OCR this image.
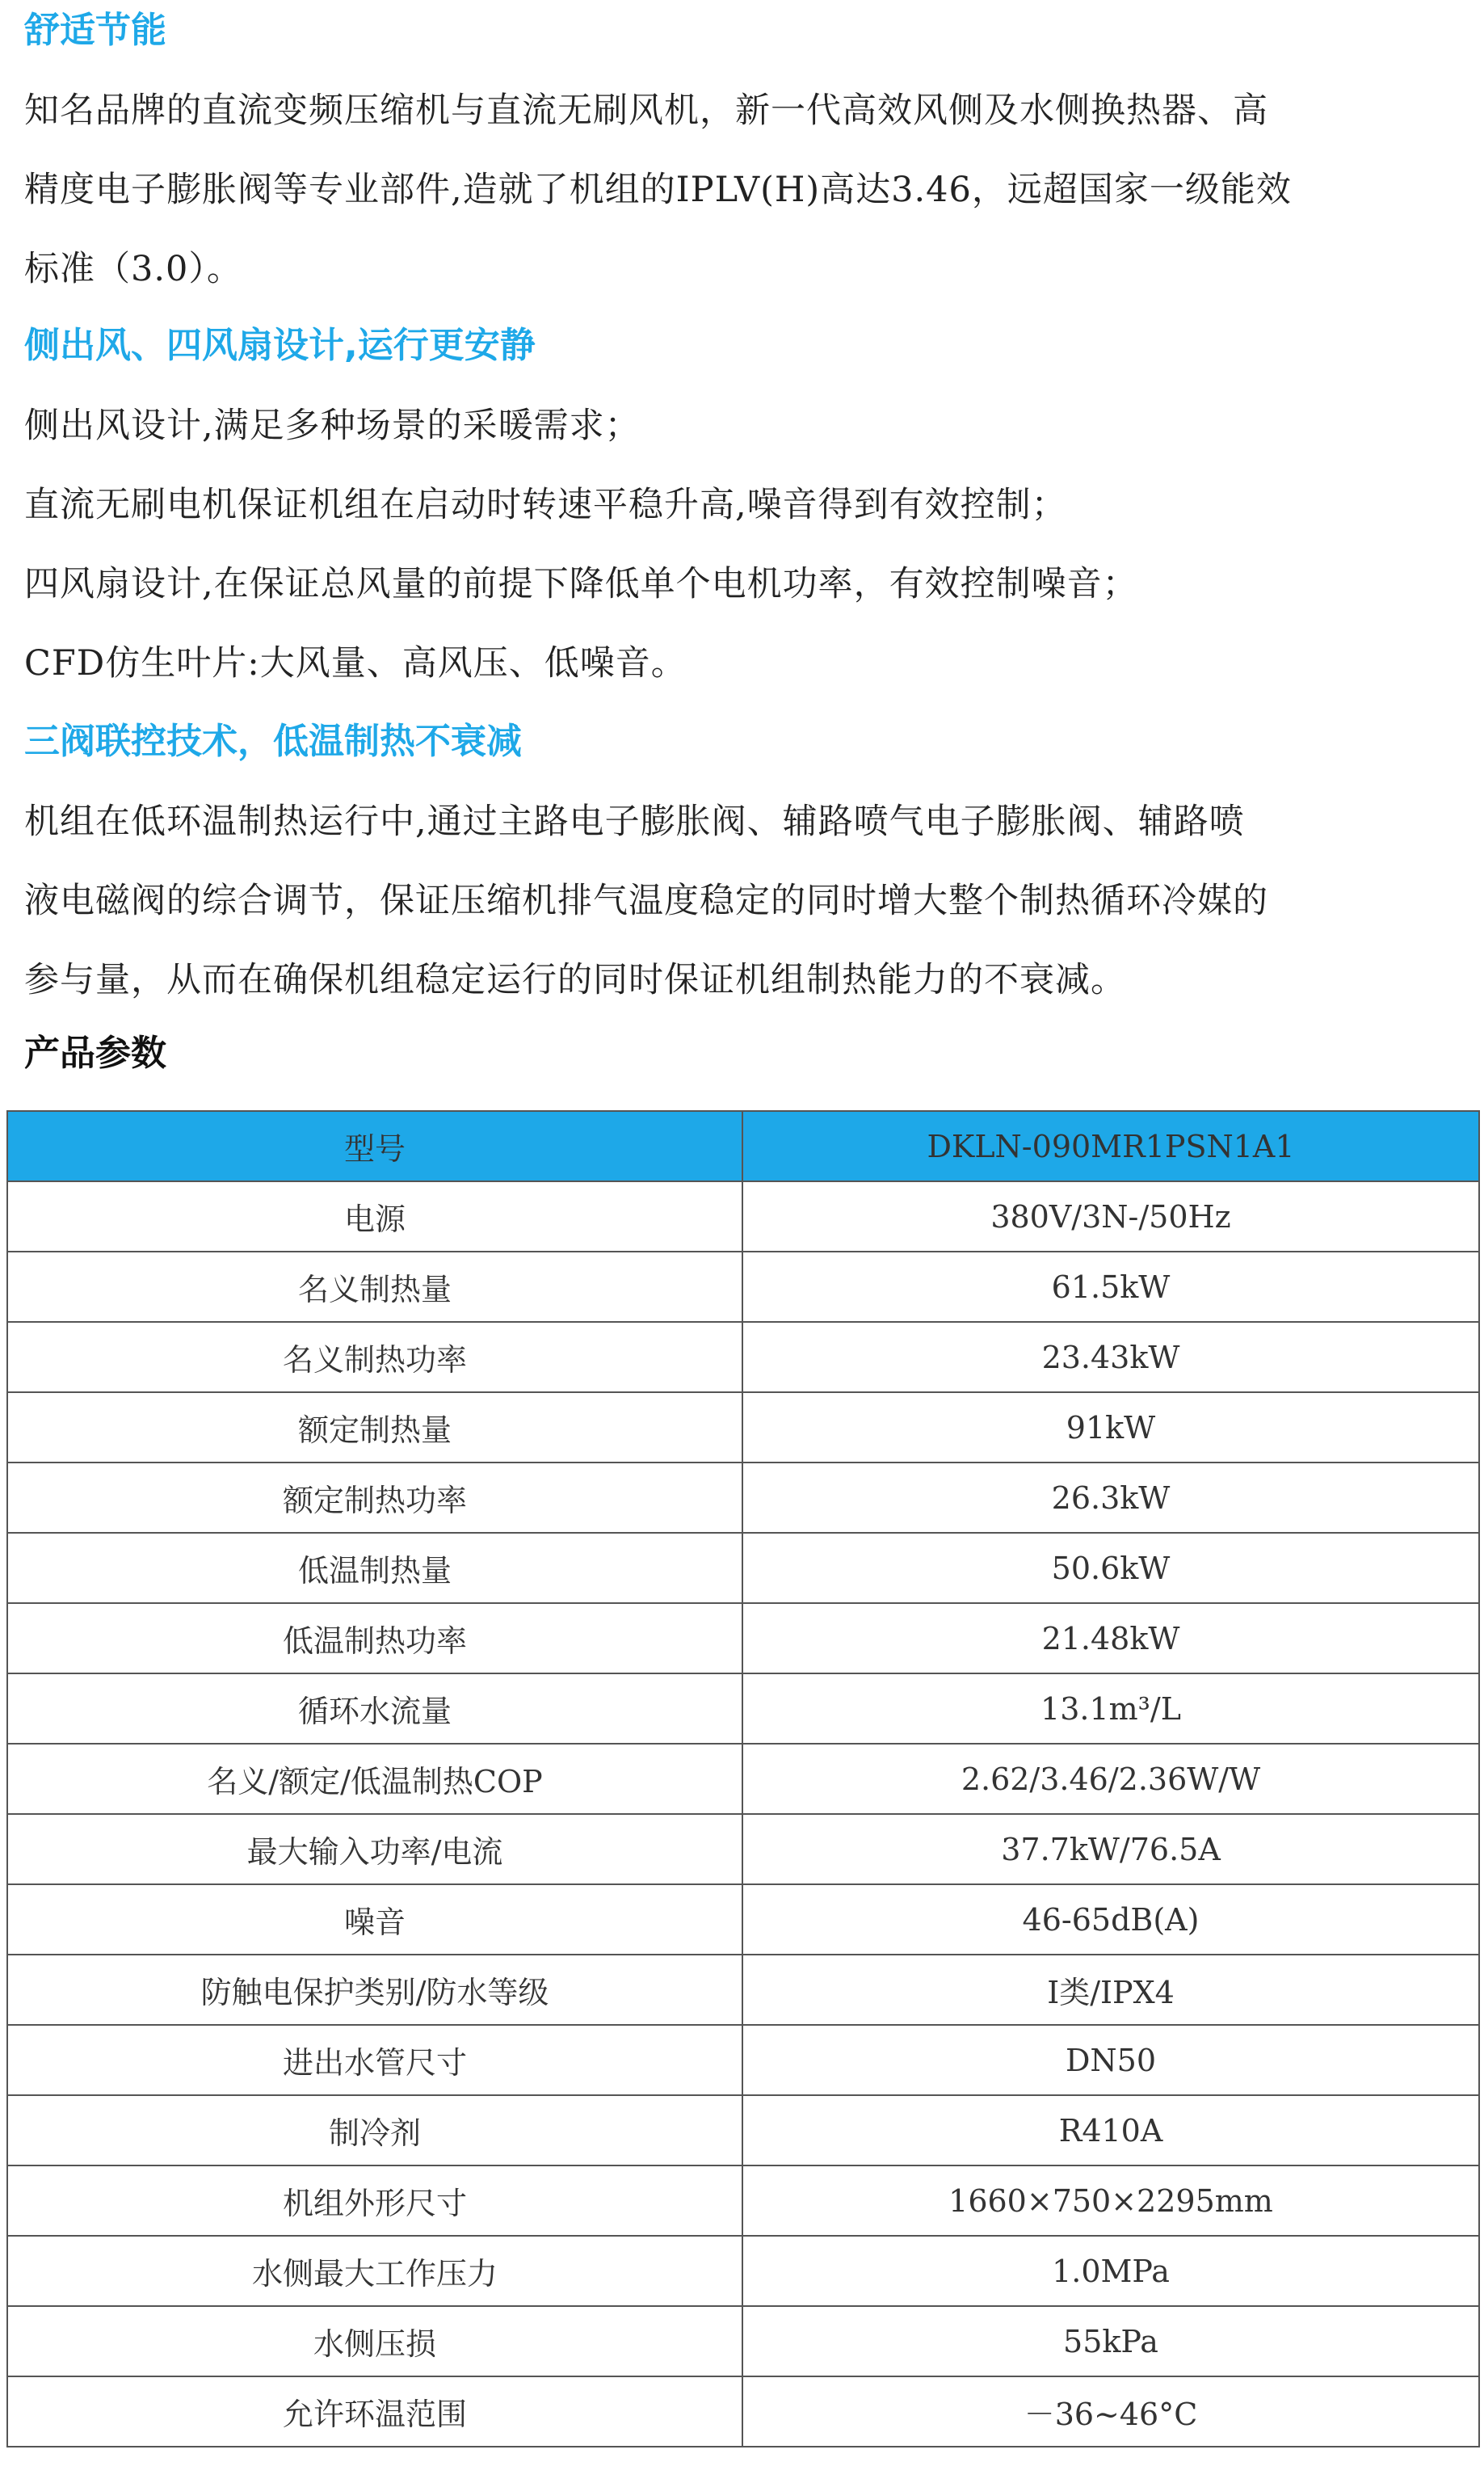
舒适节能

知名品牌的直流变频压缩机与直流无刷风机，新一代高效风侧及水侧换热器、高
精度电子膨胀阀等专业部件,造就了机组的IPLV(H)高达3.46，远超国家一级能效
标准（3.0）。

侧出风、四风扇设计,运行更安静

侧出风设计,满足多种场景的采暖需求；
直流无刷电机保证机组在启动时转速平稳升高,噪音得到有效控制；
四风扇设计,在保证总风量的前提下降低单个电机功率，有效控制噪音；
CFD仿生叶片:大风量、高风压、低噪音。

三阀联控技术，低温制热不衰减

机组在低环温制热运行中,通过主路电子膨胀阀、辅路喷气电子膨胀阀、辅路喷
液电磁阀的综合调节，保证压缩机排气温度稳定的同时增大整个制热循环冷媒的
参与量，从而在确保机组稳定运行的同时保证机组制热能力的不衰减。

产品参数
型号	DKLN-090MR1PSN1A1
电源	380V/3N-/50Hz
名义制热量	61.5kW
名义制热功率	23.43kW
额定制热量	91kW
额定制热功率	26.3kW
低温制热量	50.6kW
低温制热功率	21.48kW
循环水流量	13.1m³/L
名义/额定/低温制热COP	2.62/3.46/2.36W/W
最大输入功率/电流	37.7kW/76.5A
噪音	46-65dB(A)
防触电保护类别/防水等级	I类/IPX4
进出水管尺寸	DN50
制冷剂	R410A
机组外形尺寸	1660×750×2295mm
水侧最大工作压力	1.0MPa
水侧压损	55kPa
允许环温范围	－36~46°C
